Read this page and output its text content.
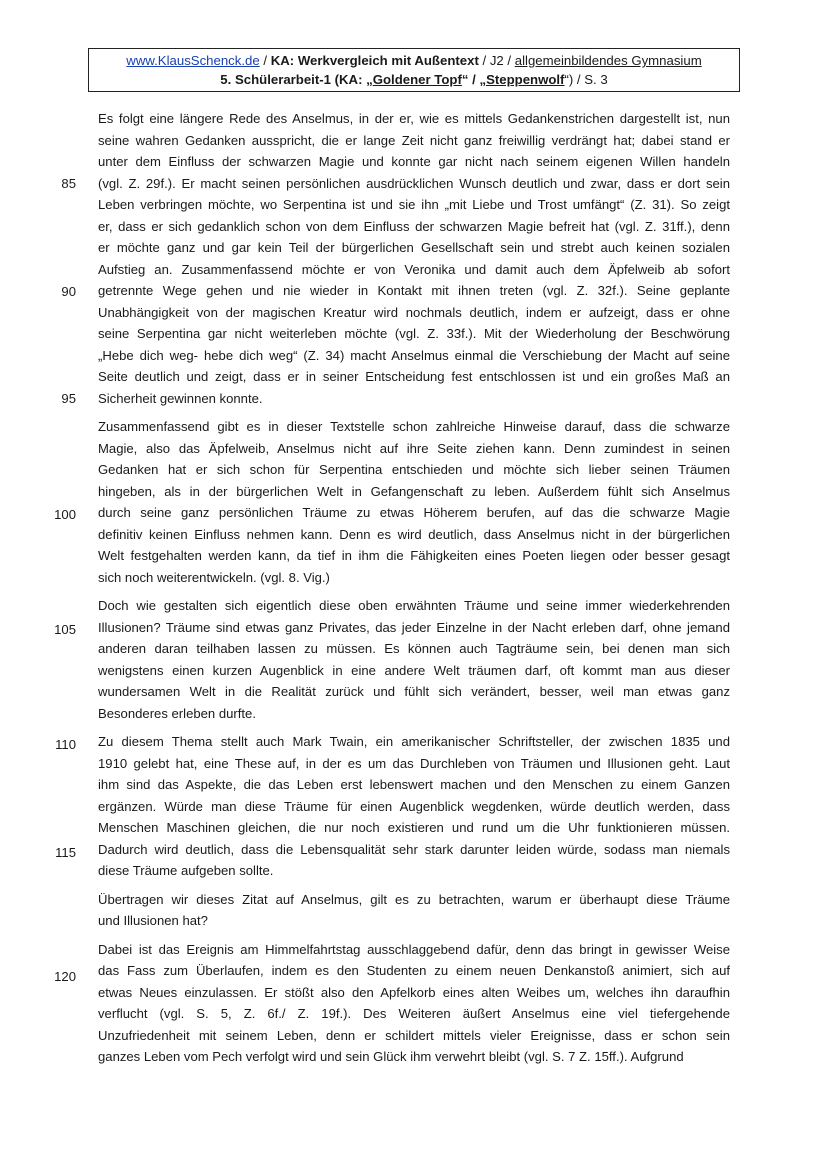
www.KlausSchenck.de / KA: Werkvergleich mit Außentext / J2 / allgemeinbildendes Gymnasium
5. Schülerarbeit-1 (KA: „Goldener Topf“ / „Steppenwolf“) / S. 3
85
90
95
100
105
110
115
120

Es folgt eine längere Rede des Anselmus, in der er, wie es mittels Gedankenstrichen dargestellt ist, nun
seine wahren Gedanken ausspricht, die er lange Zeit nicht ganz freiwillig verdrängt hat; dabei stand er
unter dem Einfluss der schwarzen Magie und konnte gar nicht nach seinem eigenen Willen handeln
(vgl. Z. 29f.). Er macht seinen persönlichen ausdrücklichen Wunsch deutlich und zwar, dass er dort sein
Leben verbringen möchte, wo Serpentina ist und sie ihn „mit Liebe und Trost umfängt“ (Z. 31). So zeigt
er, dass er sich gedanklich schon von dem Einfluss der schwarzen Magie befreit hat (vgl. Z. 31ff.), denn
er möchte ganz und gar kein Teil der bürgerlichen Gesellschaft sein und strebt auch keinen sozialen
Aufstieg an. Zusammenfassend möchte er von Veronika und damit auch dem Äpfelweib ab sofort
getrennte Wege gehen und nie wieder in Kontakt mit ihnen treten (vgl. Z. 32f.). Seine geplante
Unabhängigkeit von der magischen Kreatur wird nochmals deutlich, indem er aufzeigt, dass er ohne
seine Serpentina gar nicht weiterleben möchte (vgl. Z. 33f.). Mit der Wiederholung der Beschwörung
„Hebe dich weg- hebe dich weg“ (Z. 34) macht Anselmus einmal die Verschiebung der Macht auf seine
Seite deutlich und zeigt, dass er in seiner Entscheidung fest entschlossen ist und ein großes Maß an
Sicherheit gewinnen konnte.

Zusammenfassend gibt es in dieser Textstelle schon zahlreiche Hinweise darauf, dass die schwarze
Magie, also das Äpfelweib, Anselmus nicht auf ihre Seite ziehen kann. Denn zumindest in seinen
Gedanken hat er sich schon für Serpentina entschieden und möchte sich lieber seinen Träumen
hingeben, als in der bürgerlichen Welt in Gefangenschaft zu leben. Außerdem fühlt sich Anselmus
durch seine ganz persönlichen Träume zu etwas Höherem berufen, auf das die schwarze Magie
definitiv keinen Einfluss nehmen kann. Denn es wird deutlich, dass Anselmus nicht in der bürgerlichen
Welt festgehalten werden kann, da tief in ihm die Fähigkeiten eines Poeten liegen oder besser gesagt
sich noch weiterentwickeln. (vgl. 8. Vig.)

Doch wie gestalten sich eigentlich diese oben erwähnten Träume und seine immer wiederkehrenden
Illusionen? Träume sind etwas ganz Privates, das jeder Einzelne in der Nacht erleben darf, ohne jemand
anderen daran teilhaben lassen zu müssen. Es können auch Tagträume sein, bei denen man sich
wenigstens einen kurzen Augenblick in eine andere Welt träumen darf, oft kommt man aus dieser
wundersamen Welt in die Realität zurück und fühlt sich verändert, besser, weil man etwas ganz
Besonderes erleben durfte.

Zu diesem Thema stellt auch Mark Twain, ein amerikanischer Schriftsteller, der zwischen 1835 und
1910 gelebt hat, eine These auf, in der es um das Durchleben von Träumen und Illusionen geht. Laut
ihm sind das Aspekte, die das Leben erst lebenswert machen und den Menschen zu einem Ganzen
ergänzen. Würde man diese Träume für einen Augenblick wegdenken, würde deutlich werden, dass
Menschen Maschinen gleichen, die nur noch existieren und rund um die Uhr funktionieren müssen.
Dadurch wird deutlich, dass die Lebensqualität sehr stark darunter leiden würde, sodass man niemals
diese Träume aufgeben sollte.

Übertragen wir dieses Zitat auf Anselmus, gilt es zu betrachten, warum er überhaupt diese Träume
und Illusionen hat?

Dabei ist das Ereignis am Himmelfahrtstag ausschlaggebend dafür, denn das bringt in gewisser Weise
das Fass zum Überlaufen, indem es den Studenten zu einem neuen Denkanstoß animiert, sich auf
etwas Neues einzulassen. Er stößt also den Apfelkorb eines alten Weibes um, welches ihn daraufhin
verflucht (vgl. S. 5, Z. 6f./ Z. 19f.). Des Weiteren äußert Anselmus eine viel tiefergehende
Unzufriedenheit mit seinem Leben, denn er schildert mittels vieler Ereignisse, dass er schon sein
ganzes Leben vom Pech verfolgt wird und sein Glück ihm verwehrt bleibt (vgl. S. 7 Z. 15ff.). Aufgrund
